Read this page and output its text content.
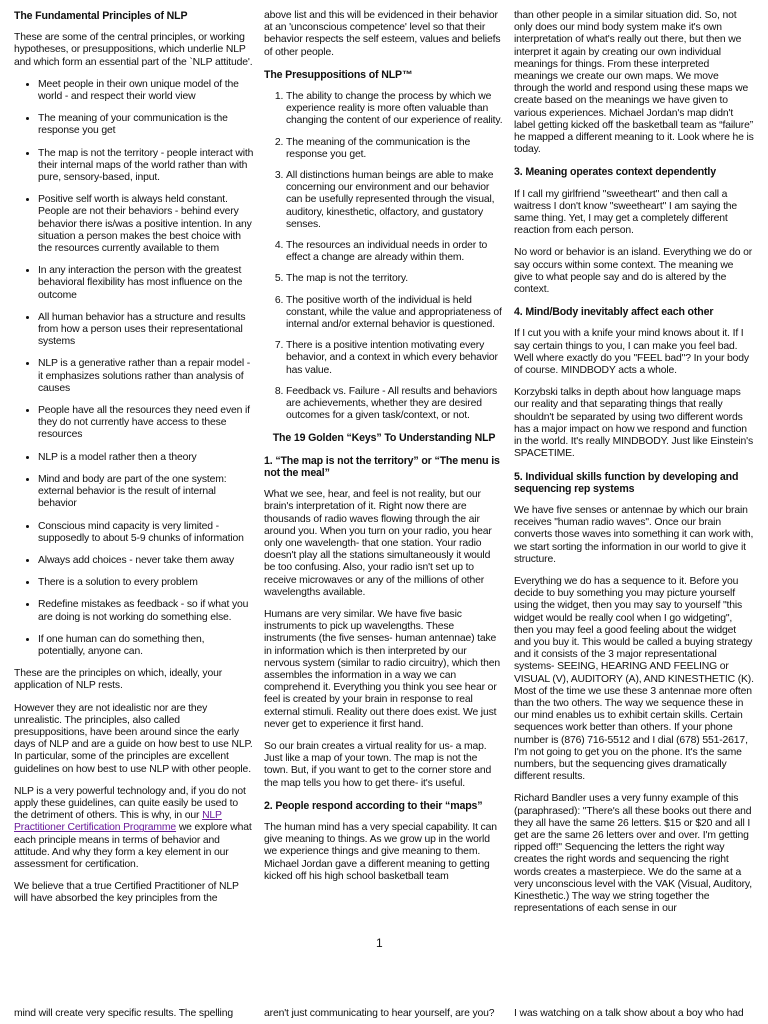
The Fundamental Principles of NLP

These are some of the central principles, or working hypotheses, or presuppositions, which underlie NLP and which form an essential part of the `NLP attitude'.

• Meet people in their own unique model of the world - and respect their world view
• The meaning of your communication is the response you get
• The map is not the territory - people interact with their internal maps of the world rather than with pure, sensory-based, input.
• Positive self worth is always held constant. People are not their behaviors - behind every behavior there is/was a positive intention. In any situation a person makes the best choice with the resources currently available to them
• In any interaction the person with the greatest behavioral flexibility has most influence on the outcome
• All human behavior has a structure and results from how a person uses their representational systems
• NLP is a generative rather than a repair model - it emphasizes solutions rather than analysis of causes
• People have all the resources they need even if they do not currently have access to these resources
• NLP is a model rather then a theory
• Mind and body are part of the one system: external behavior is the result of internal behavior
• Conscious mind capacity is very limited - supposedly to about 5-9 chunks of information
• Always add choices - never take them away
• There is a solution to every problem
• Redefine mistakes as feedback - so if what you are doing is not working do something else.
• If one human can do something then, potentially, anyone can.

These are the principles on which, ideally, your application of NLP rests.

However they are not idealistic nor are they unrealistic. The principles, also called presuppositions, have been around since the early days of NLP and are a guide on how best to use NLP. In particular, some of the principles are excellent guidelines on how best to use NLP with other people.

NLP is a very powerful technology and, if you do not apply these guidelines, can quite easily be used to the detriment of others. This is why, in our NLP Practitioner Certification Programme we explore what each principle means in terms of behavior and attitude. And why they form a key element in our assessment for certification.

We believe that a true Certified Practitioner of NLP will have absorbed the key principles from the

above list and this will be evidenced in their behavior at an 'unconscious competence' level so that their behavior respects the self esteem, values and beliefs of other people.

The Presuppositions of NLP™
1. The ability to change the process by which we experience reality is more often valuable than changing the content of our experience of reality.
2. The meaning of the communication is the response you get.
3. All distinctions human beings are able to make concerning our environment and our behavior can be usefully represented through the visual, auditory, kinesthetic, olfactory, and gustatory senses.
4. The resources an individual needs in order to effect a change are already within them.
5. The map is not the territory.
6. The positive worth of the individual is held constant, while the value and appropriateness of internal and/or external behavior is questioned.
7. There is a positive intention motivating every behavior, and a context in which every behavior has value.
8. Feedback vs. Failure - All results and behaviors are achievements, whether they are desired outcomes for a given task/context, or not.
The 19 Golden “Keys” To Understanding NLP
1. “The map is not the territory” or “The menu is not the meal”

What we see, hear, and feel is not reality, but our brain's interpretation of it. Right now there are thousands of radio waves flowing through the air around you. When you turn on your radio, you hear only one wavelength- that one station. Your radio doesn't play all the stations simultaneously it would be too confusing. Also, your radio isn't set up to receive microwaves or any of the millions of other wavelengths available.

Humans are very similar. We have five basic instruments to pick up wavelengths. These instruments (the five senses- human antennae) take in information which is then interpreted by our nervous system (similar to radio circuitry), which then assembles the information in a way we can comprehend it. Everything you think you see hear or feel is created by your brain in response to real external stimuli. Reality out there does exist. We just never get to experience it first hand.

So our brain creates a virtual reality for us- a map. Just like a map of your town. The map is not the town. But, if you want to get to the corner store and the map tells you how to get there- it's useful.

2. People respond according to their “maps”

The human mind has a very special capability. It can give meaning to things. As we grow up in the world we experience things and give meaning to them. Michael Jordan gave a different meaning to getting kicked off his high school basketball team

than other people in a similar situation did. So, not only does our mind body system make it's own interpretation of what's really out there, but then we interpret it again by creating our own individual meanings for things. From these interpreted meanings we create our own maps. We move through the world and respond using these maps we create based on the meanings we have given to various experiences. Michael Jordan's map didn't label getting kicked off the basketball team as “failure” he mapped a different meaning to it. Look where he is today.

3. Meaning operates context dependently

If I call my girlfriend "sweetheart" and then call a waitress I don't know "sweetheart" I am saying the same thing. Yet, I may get a completely different reaction from each person.

No word or behavior is an island. Everything we do or say occurs within some context. The meaning we give to what people say and do is altered by the context.

4. Mind/Body inevitably affect each other

If I cut you with a knife your mind knows about it. If I say certain things to you, I can make you feel bad. Well where exactly do you "FEEL bad"? In your body of course. MINDBODY acts a whole.

Korzybski talks in depth about how language maps our reality and that separating things that really shouldn't be separated by using two different words has a major impact on how we respond and function in the world. It's really MINDBODY. Just like Einstein's SPACETIME.

5. Individual skills function by developing and sequencing rep systems

We have five senses or antennae by which our brain receives "human radio waves". Once our brain converts those waves into something it can work with, we start sorting the information in our world to give it structure.

Everything we do has a sequence to it. Before you decide to buy something you may picture yourself using the widget, then you may say to yourself "this widget would be really cool when I go widgeting", then you may feel a good feeling about the widget and you buy it. This would be called a buying strategy and it consists of the 3 major representational systems- SEEING, HEARING AND FEELING or VISUAL (V), AUDITORY (A), AND KINESTHETIC (K). Most of the time we use these 3 antennae more often than the two others. The way we sequence these in our mind enables us to exhibit certain skills. Certain sequences work better than others. If your phone number is (876) 716-5512 and I dial (678) 551-2617, I'm not going to get you on the phone. It's the same numbers, but the sequencing gives dramatically different results.

Richard Bandler uses a very funny example of this (paraphrased): "There's all these books out there and they all have the same 26 letters. $15 or $20 and all I get are the same 26 letters over and over. I'm getting ripped off!" Sequencing the letters the right way creates the right words and sequencing the right words creates a masterpiece. We do the same at a very unconscious level with the VAK (Visual, Auditory, Kinesthetic.) The way we string together the representations of each sense in our

1
mind will create very specific results. The spelling	aren't just communicating to hear yourself, are you? I was watching on a talk show about a boy who had
